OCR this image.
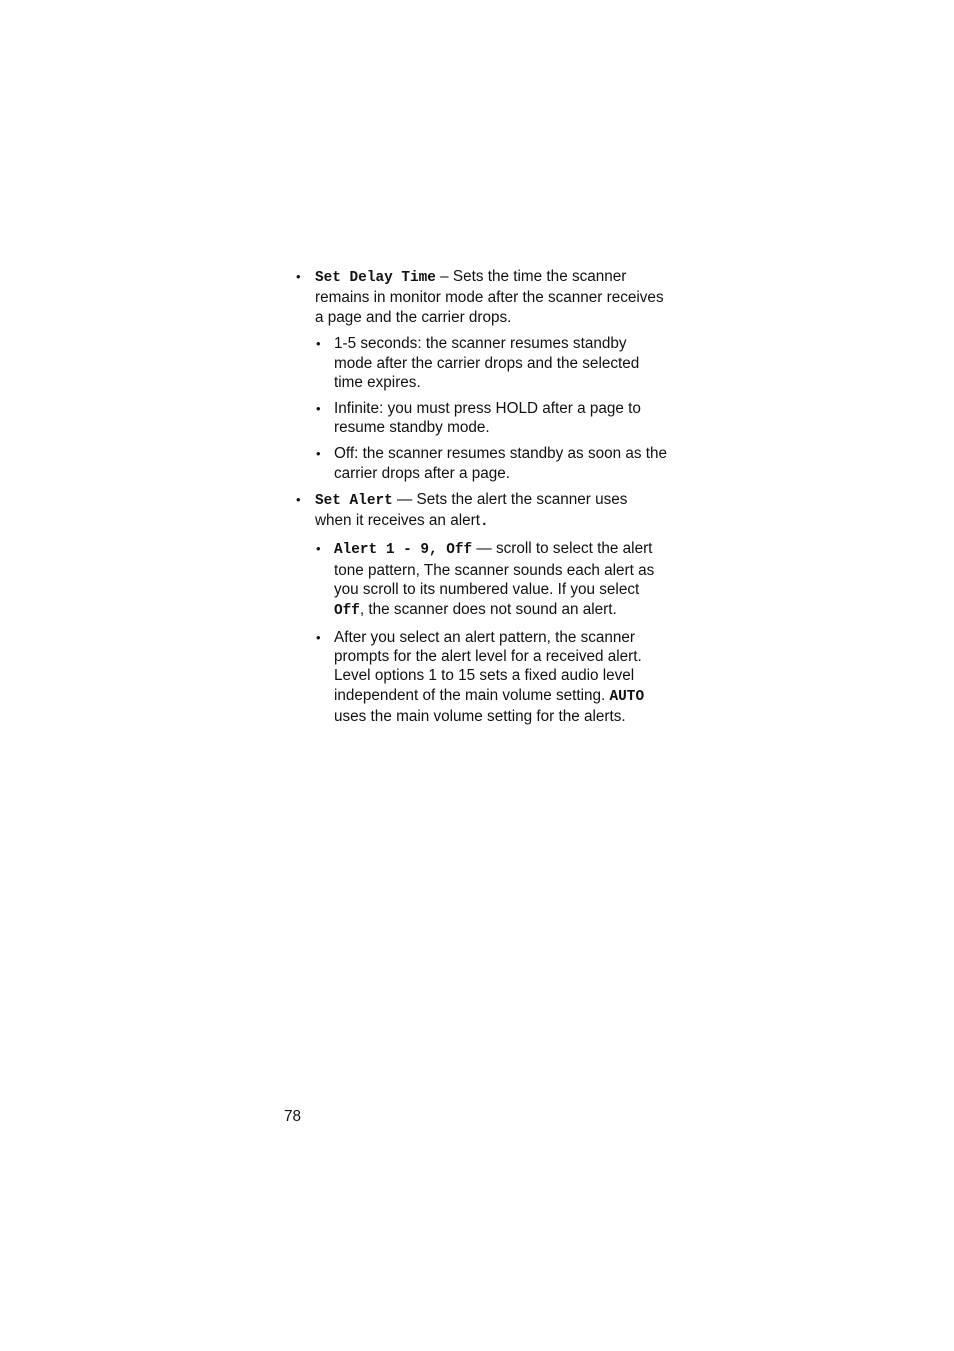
• Set Delay Time – Sets the time the scanner remains in monitor mode after the scanner receives a page and the carrier drops.
• 1-5 seconds: the scanner resumes standby mode after the carrier drops and the selected time expires.
• Infinite: you must press HOLD after a page to resume standby mode.
• Off: the scanner resumes standby as soon as the carrier drops after a page.
• Set Alert — Sets the alert the scanner uses when it receives an alert.
• Alert 1 - 9, Off — scroll to select the alert tone pattern, The scanner sounds each alert as you scroll to its numbered value. If you select Off, the scanner does not sound an alert.
• After you select an alert pattern, the scanner prompts for the alert level for a received alert. Level options 1 to 15 sets a fixed audio level independent of the main volume setting. AUTO uses the main volume setting for the alerts.
78
